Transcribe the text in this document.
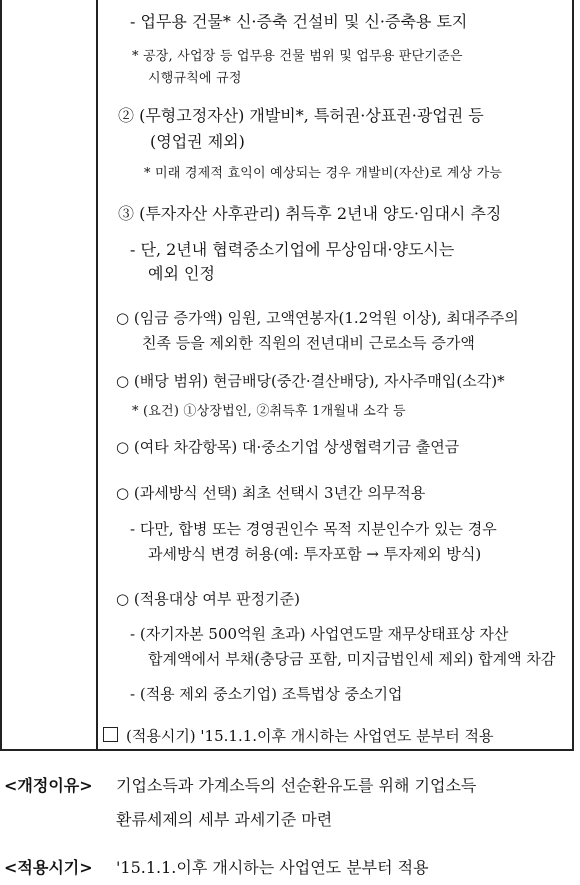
- 업무용 건물* 신·증축 건설비 및 신·증축용 토지
* 공장, 사업장 등 업무용 건물 범위 및 업무용 판단기준은
시행규칙에 규정
② (무형고정자산) 개발비*, 특허권·상표권·광업권 등
(영업권 제외)
* 미래 경제적 효익이 예상되는 경우 개발비(자산)로 계상 가능
③ (투자자산 사후관리) 취득후 2년내 양도·임대시 추징
- 단, 2년내 협력중소기업에 무상임대·양도시는
예외 인정
○ (임금 증가액) 임원, 고액연봉자(1.2억원 이상), 최대주주의
친족 등을 제외한 직원의 전년대비 근로소득 증가액
○ (배당 범위) 현금배당(중간·결산배당), 자사주매입(소각)*
* (요건) ①상장법인, ②취득후 1개월내 소각 등
○ (여타 차감항목) 대·중소기업 상생협력기금 출연금
○ (과세방식 선택) 최초 선택시 3년간 의무적용
- 다만, 합병 또는 경영권인수 목적 지분인수가 있는 경우
과세방식 변경 허용(예: 투자포함 → 투자제외 방식)
○ (적용대상 여부 판정기준)
- (자기자본 500억원 초과) 사업연도말 재무상태표상 자산
합계액에서 부채(충당금 포함, 미지급법인세 제외) 합계액 차감
- (적용 제외 중소기업) 조특법상 중소기업
(적용시기) '15.1.1.이후 개시하는 사업연도 분부터 적용
<개정이유> 기업소득과 가계소득의 선순환유도를 위해 기업소득
환류세제의 세부 과세기준 마련
<적용시기> '15.1.1.이후 개시하는 사업연도 분부터 적용
